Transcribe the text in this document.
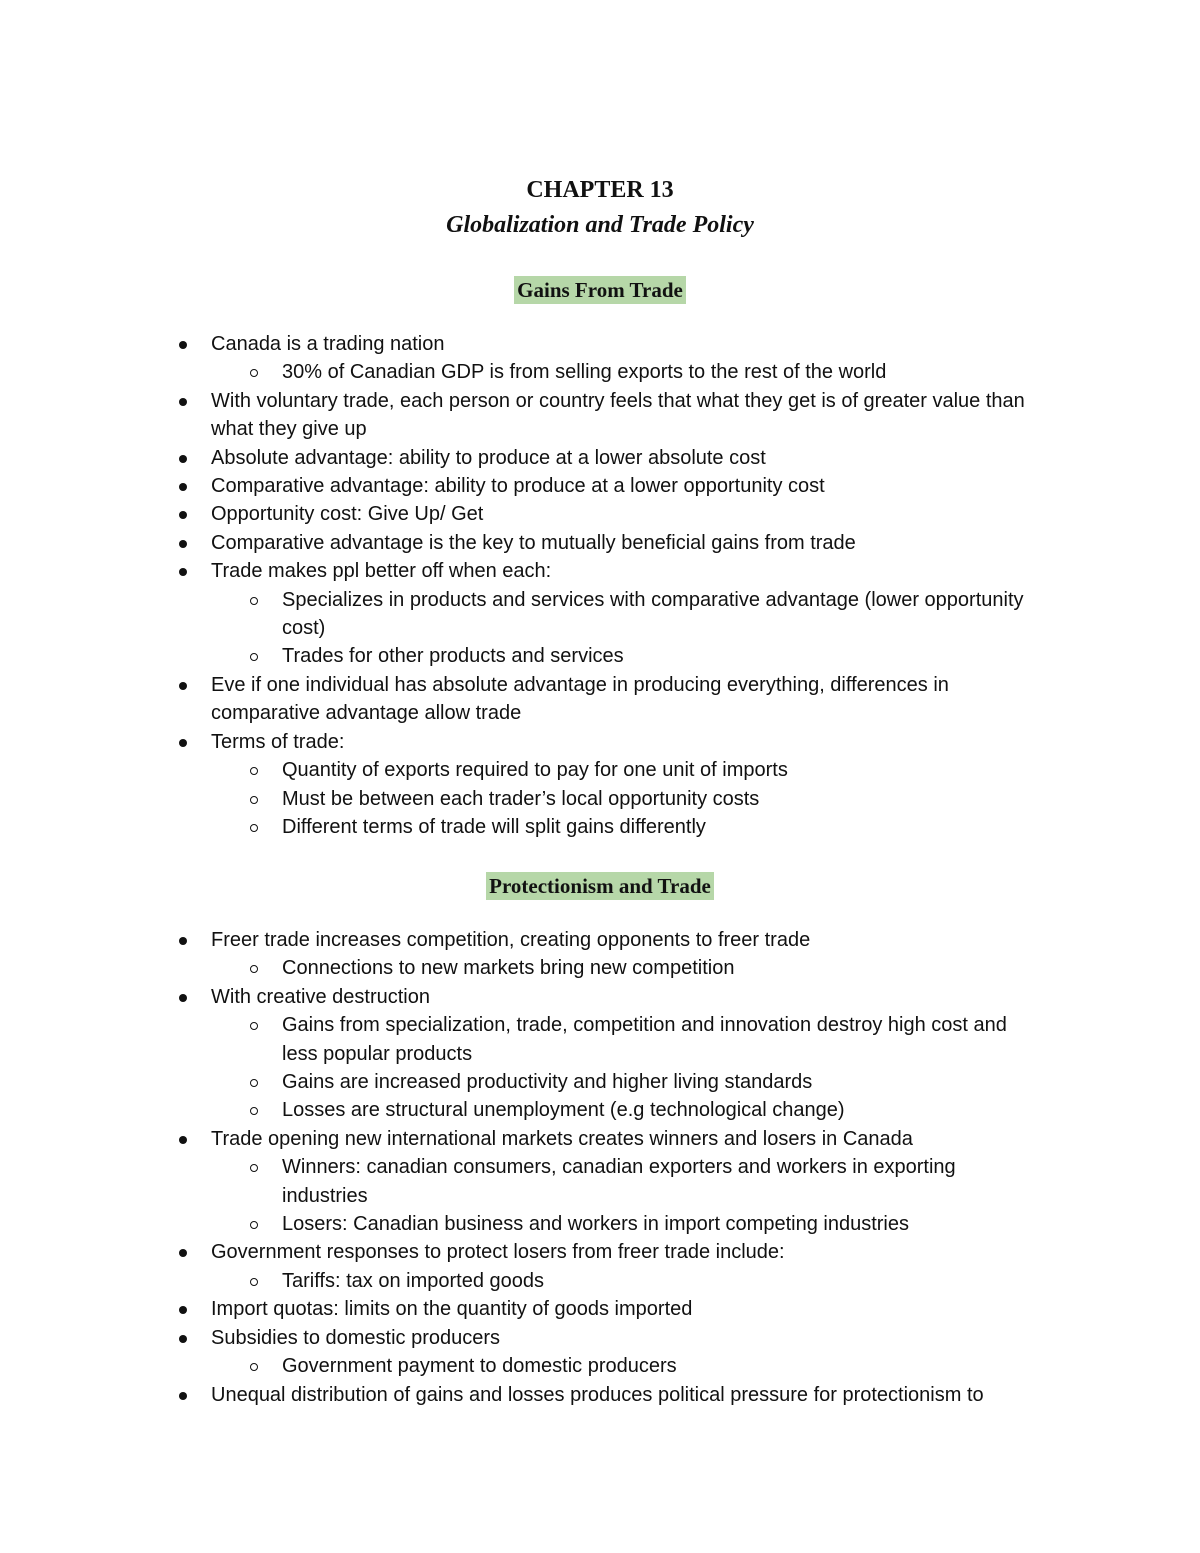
CHAPTER 13
Globalization and Trade Policy
Gains From Trade
Canada is a trading nation
30% of Canadian GDP is from selling exports to the rest of the world
With voluntary trade, each person or country feels that what they get is of greater value than what they give up
Absolute advantage: ability to produce at a lower absolute cost
Comparative advantage: ability to produce at a lower opportunity cost
Opportunity cost: Give Up/ Get
Comparative advantage is the key to mutually beneficial gains from trade
Trade makes ppl better off when each:
Specializes in products and services with comparative advantage (lower opportunity cost)
Trades for other products and services
Eve if one individual has absolute advantage in producing everything, differences in comparative advantage allow trade
Terms of trade:
Quantity of exports required to pay for one unit of imports
Must be between each trader’s local opportunity costs
Different terms of trade will split gains differently
Protectionism and Trade
Freer trade increases competition, creating opponents to freer trade
Connections to new markets bring new competition
With creative destruction
Gains from specialization, trade, competition and innovation destroy high cost and less popular products
Gains are increased productivity and higher living standards
Losses are structural unemployment (e.g technological change)
Trade opening new international markets creates winners and losers in Canada
Winners: canadian consumers, canadian exporters and workers in exporting industries
Losers: Canadian business and workers in import competing industries
Government responses to protect losers from freer trade include:
Tariffs: tax on imported goods
Import quotas: limits on the quantity of goods imported
Subsidies to domestic producers
Government payment to domestic producers
Unequal distribution of gains and losses produces political pressure for protectionism to
